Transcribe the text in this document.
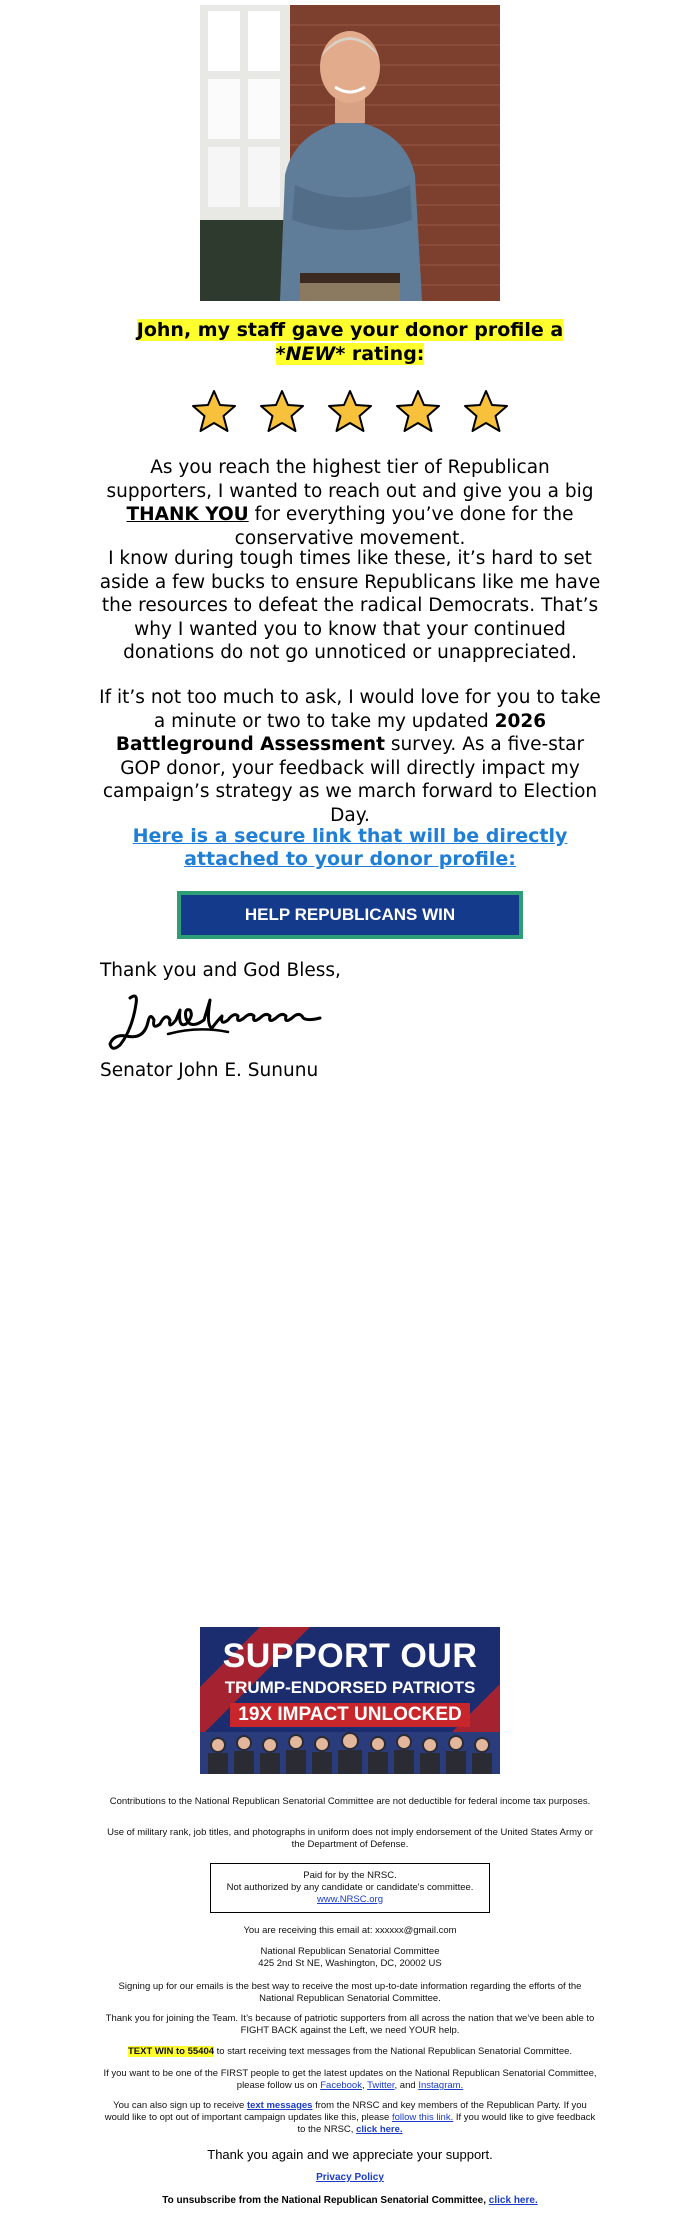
John, my staff gave your donor profile a *NEW* rating:
As you reach the highest tier of Republican supporters, I wanted to reach out and give you a big THANK YOU for everything you’ve done for the conservative movement.
I know during tough times like these, it’s hard to set aside a few bucks to ensure Republicans like me have the resources to defeat the radical Democrats. That’s why I wanted you to know that your continued donations do not go unnoticed or unappreciated.
If it’s not too much to ask, I would love for you to take a minute or two to take my updated 2026 Battleground Assessment survey. As a five-star GOP donor, your feedback will directly impact my campaign’s strategy as we march forward to Election Day.
Here is a secure link that will be directly attached to your donor profile:
HELP REPUBLICANS WIN
Thank you and God Bless,
Senator John E. Sununu
SUPPORT OUR
TRUMP-ENDORSED PATRIOTS
19X IMPACT UNLOCKED
Contributions to the National Republican Senatorial Committee are not deductible for federal income tax purposes.
Use of military rank, job titles, and photographs in uniform does not imply endorsement of the United States Army or the Department of Defense.
Paid for by the NRSC.
Not authorized by any candidate or candidate's committee.
www.NRSC.org
You are receiving this email at: xxxxxx@gmail.com
National Republican Senatorial Committee
425 2nd St NE, Washington, DC, 20002 US
Signing up for our emails is the best way to receive the most up-to-date information regarding the efforts of the National Republican Senatorial Committee.
Thank you for joining the Team. It’s because of patriotic supporters from all across the nation that we’ve been able to FIGHT BACK against the Left, we need YOUR help.
TEXT WIN to 55404 to start receiving text messages from the National Republican Senatorial Committee.
If you want to be one of the FIRST people to get the latest updates on the National Republican Senatorial Committee, please follow us on Facebook, Twitter, and Instagram.
You can also sign up to receive text messages from the NRSC and key members of the Republican Party. If you would like to opt out of important campaign updates like this, please follow this link. If you would like to give feedback to the NRSC, click here.
Thank you again and we appreciate your support.
Privacy Policy
To unsubscribe from the National Republican Senatorial Committee, click here.
